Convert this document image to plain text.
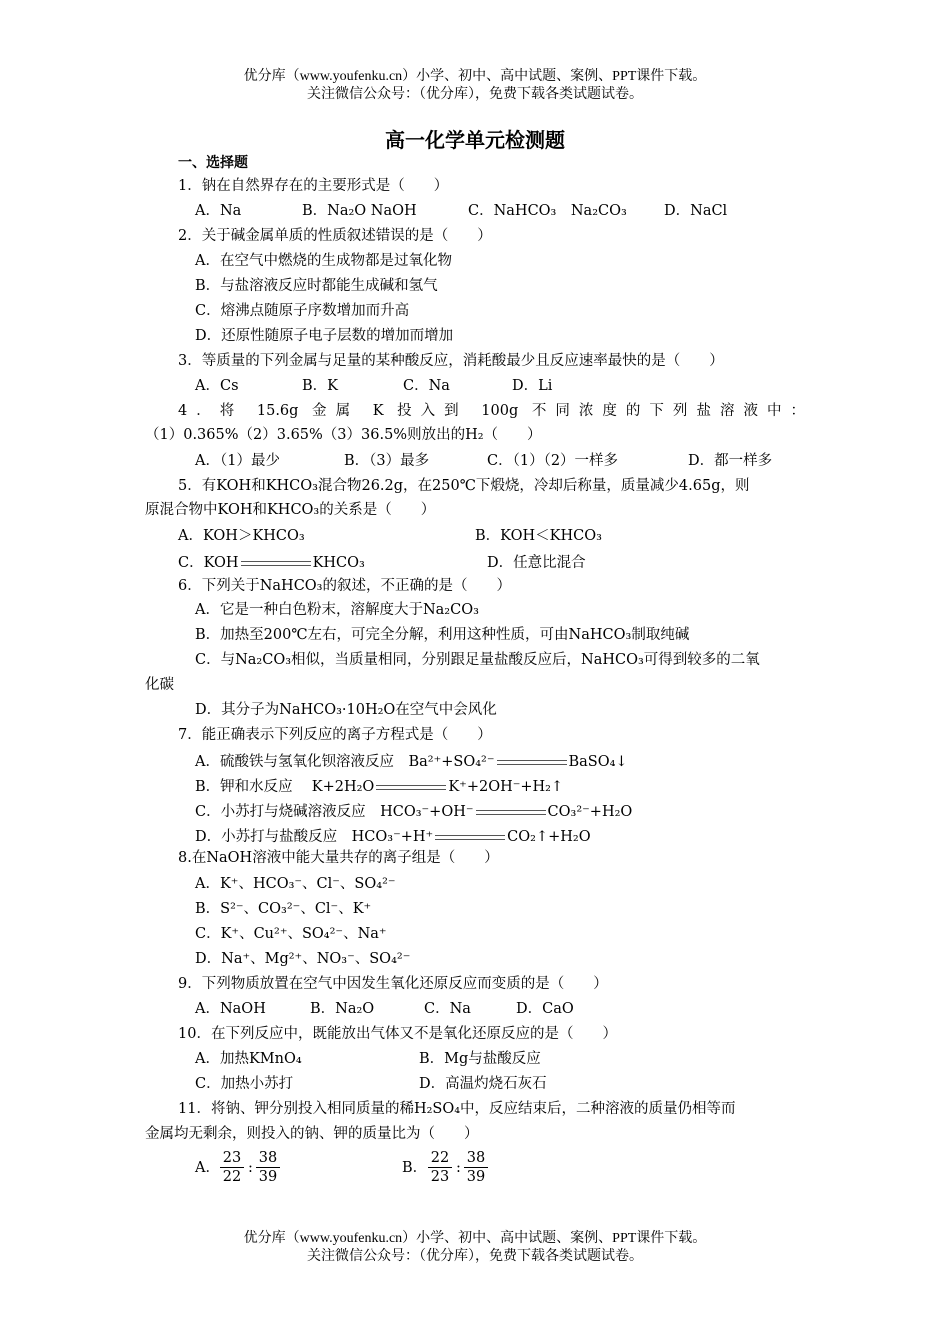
优分库（www.youfenku.cn）小学、初中、高中试题、案例、PPT课件下载。
关注微信公众号：（优分库），免费下载各类试题试卷。
高一化学单元检测题
一、选择题
1．钠在自然界存在的主要形式是（　　）
A．Na	B．Na₂O NaOH	C．NaHCO₃　Na₂CO₃	D．NaCl
2．关于碱金属单质的性质叙述错误的是（　　）
A．在空气中燃烧的生成物都是过氧化物
B．与盐溶液反应时都能生成碱和氢气
C．熔沸点随原子序数增加而升高
D．还原性随原子电子层数的增加而增加
3．等质量的下列金属与足量的某种酸反应，消耗酸最少且反应速率最快的是（　　）
A．Cs	B．K	C．Na	D．Li
4．将 15.6g 金属 K 投入到 100g 不同浓度的下列盐溶液中：
（1）0.365%（2）3.65%（3）36.5%则放出的H₂（　　）
A．（1）最少	B．（3）最多	C．（1）（2）一样多	D．都一样多
5．有KOH和KHCO₃混合物26.2g，在250℃下煅烧，冷却后称量，质量减少4.65g，则
原混合物中KOH和KHCO₃的关系是（　　）
A．KOH＞KHCO₃	B．KOH＜KHCO₃
C．KOH	KHCO₃	D．任意比混合
6．下列关于NaHCO₃的叙述，不正确的是（　　）
A．它是一种白色粉末，溶解度大于Na₂CO₃
B．加热至200℃左右，可完全分解，利用这种性质，可由NaHCO₃制取纯碱
C．与Na₂CO₃相似，当质量相同，分别跟足量盐酸反应后，NaHCO₃可得到较多的二氧
化碳
D．其分子为NaHCO₃·10H₂O在空气中会风化
7．能正确表示下列反应的离子方程式是（　　）
A．硫酸铁与氢氧化钡溶液反应　Ba²⁺+SO₄²⁻	BaSO₄↓
B．钾和水反应　 K+2H₂O	K⁺+2OH⁻+H₂↑
C．小苏打与烧碱溶液反应　HCO₃⁻+OH⁻	CO₃²⁻+H₂O
D．小苏打与盐酸反应　HCO₃⁻+H⁺	CO₂↑+H₂O
8.在NaOH溶液中能大量共存的离子组是（　　）
A．K⁺、HCO₃⁻、Cl⁻、SO₄²⁻
B．S²⁻、CO₃²⁻、Cl⁻、K⁺
C．K⁺、Cu²⁺、SO₄²⁻、Na⁺
D．Na⁺、Mg²⁺、NO₃⁻、SO₄²⁻
9．下列物质放置在空气中因发生氧化还原反应而变质的是（　　）
A．NaOH	B．Na₂O	C．Na	D．CaO
10．在下列反应中，既能放出气体又不是氧化还原反应的是（　　）
A．加热KMnO₄	B．Mg与盐酸反应
C．加热小苏打	D．高温灼烧石灰石
11．将钠、钾分别投入相同质量的稀H₂SO₄中，反应结束后，二种溶液的质量仍相等而
金属均无剩余，则投入的钠、钾的质量比为（　　）
A． $\frac{23}{22}$ : $\frac{38}{39}$	B． $\frac{22}{23}$ : $\frac{38}{39}$
优分库（www.youfenku.cn）小学、初中、高中试题、案例、PPT课件下载。
关注微信公众号：（优分库），免费下载各类试题试卷。
